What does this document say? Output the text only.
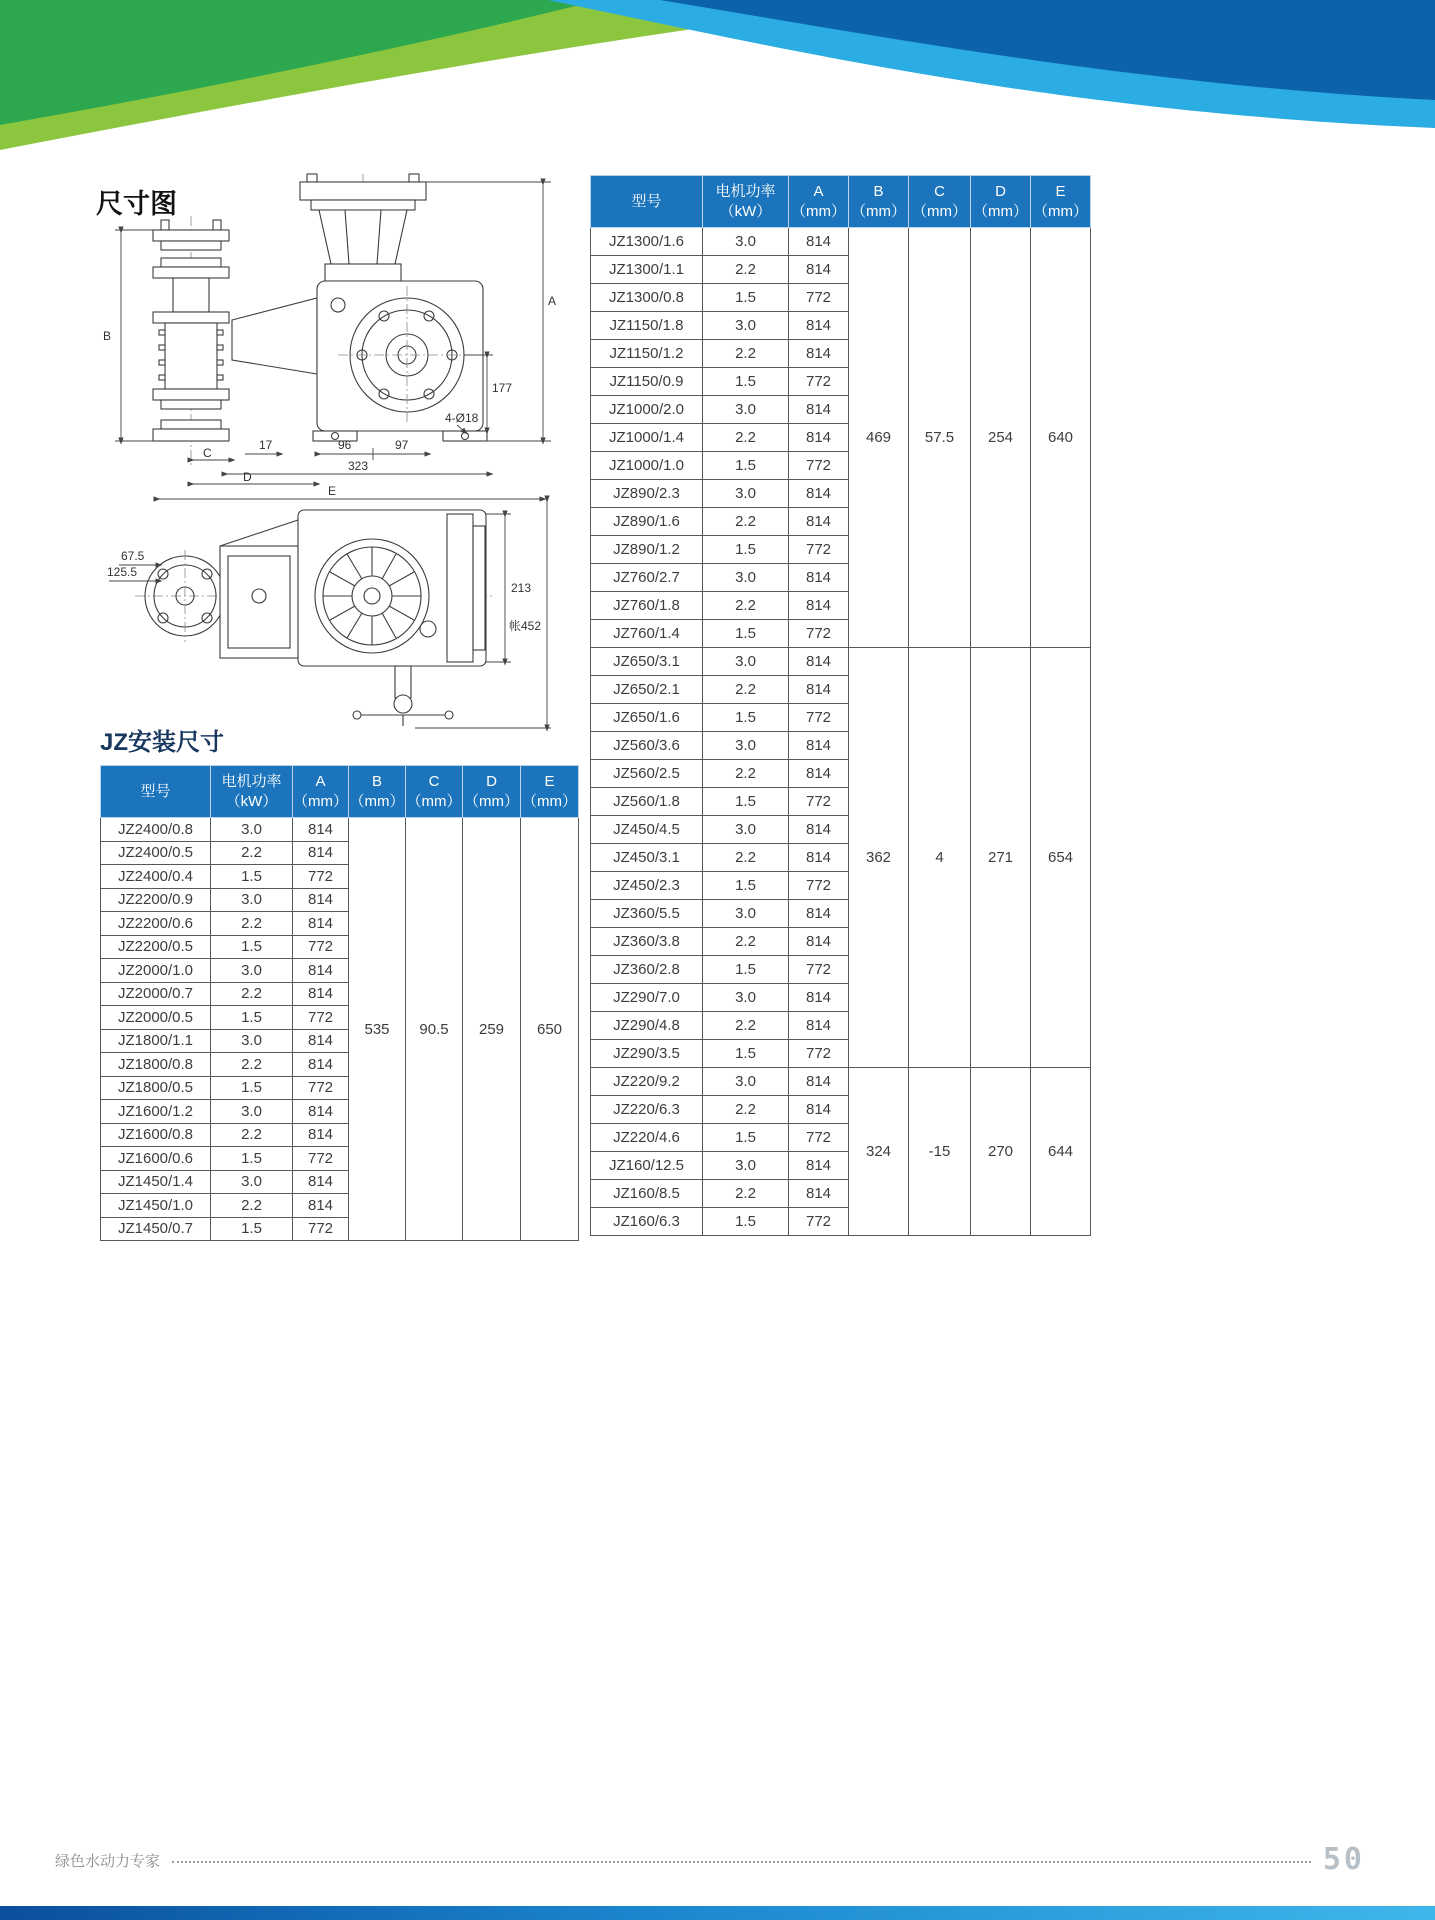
尺寸图
A
B
177
17	96	97
323
4-Ø18
C
D
E
67.5
125.5
213
帐452
JZ安装尺寸
型号

电机功率
（kW）

A
（mm）

B
（mm）

C
（mm）

D
（mm）

E
（mm）

JZ2400/0.8	3.0	814	535	90.5	259	650
JZ2400/0.5	2.2	814				
JZ2400/0.4	1.5	772				
JZ2200/0.9	3.0	814				
JZ2200/0.6	2.2	814				
JZ2200/0.5	1.5	772				
JZ2000/1.0	3.0	814				
JZ2000/0.7	2.2	814				
JZ2000/0.5	1.5	772				
JZ1800/1.1	3.0	814				
JZ1800/0.8	2.2	814				
JZ1800/0.5	1.5	772				
JZ1600/1.2	3.0	814				
JZ1600/0.8	2.2	814				
JZ1600/0.6	1.5	772				
JZ1450/1.4	3.0	814				
JZ1450/1.0	2.2	814				
JZ1450/0.7	1.5	772				
型号

电机功率
（kW）

A
（mm）

B
（mm）

C
（mm）

D
（mm）

E
（mm）

JZ1300/1.6	3.0	814	469	57.5	254	640
JZ1300/1.1	2.2	814				
JZ1300/0.8	1.5	772				
JZ1150/1.8	3.0	814				
JZ1150/1.2	2.2	814				
JZ1150/0.9	1.5	772				
JZ1000/2.0	3.0	814				
JZ1000/1.4	2.2	814				
JZ1000/1.0	1.5	772				
JZ890/2.3	3.0	814				
JZ890/1.6	2.2	814				
JZ890/1.2	1.5	772				
JZ760/2.7	3.0	814				
JZ760/1.8	2.2	814				
JZ760/1.4	1.5	772				
JZ650/3.1	3.0	814	362	4	271	654
JZ650/2.1	2.2	814				
JZ650/1.6	1.5	772				
JZ560/3.6	3.0	814				
JZ560/2.5	2.2	814				
JZ560/1.8	1.5	772				
JZ450/4.5	3.0	814				
JZ450/3.1	2.2	814				
JZ450/2.3	1.5	772				
JZ360/5.5	3.0	814				
JZ360/3.8	2.2	814				
JZ360/2.8	1.5	772				
JZ290/7.0	3.0	814				
JZ290/4.8	2.2	814				
JZ290/3.5	1.5	772				
JZ220/9.2	3.0	814	324	-15	270	644
JZ220/6.3	2.2	814				
JZ220/4.6	1.5	772				
JZ160/12.5	3.0	814				
JZ160/8.5	2.2	814				
JZ160/6.3	1.5	772				
绿色水动力专家	50
